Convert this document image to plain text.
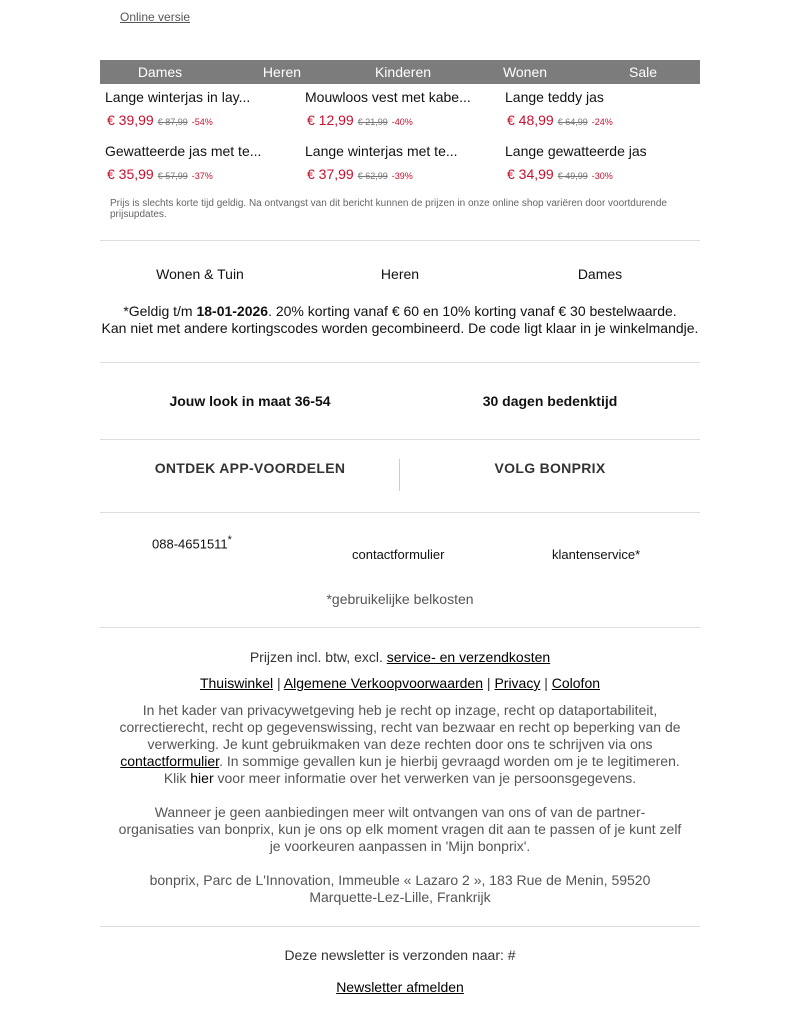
Online versie
Dames	Heren	Kinderen	Wonen	Sale
Lange winterjas in lay...
€ 39,99 € 87,99 -54%
Mouwloos vest met kabe...
€ 12,99 € 21,99 -40%
Lange teddy jas
€ 48,99 € 64,99 -24%
Gewatteerde jas met te...
€ 35,99 € 57,99 -37%
Lange winterjas met te...
€ 37,99 € 62,99 -39%
Lange gewatteerde jas
€ 34,99 € 49,99 -30%
Prijs is slechts korte tijd geldig. Na ontvangst van dit bericht kunnen de prijzen in onze online shop variëren door voortdurende prijsupdates.
Wonen & Tuin	Heren	Dames
*Geldig t/m 18-01-2026. 20% korting vanaf € 60 en 10% korting vanaf € 30 bestelwaarde.
Kan niet met andere kortingscodes worden gecombineerd. De code ligt klaar in je winkelmandje.
Jouw look in maat 36-54	30 dagen bedenktijd
ONTDEK APP-VOORDELEN	VOLG BONPRIX
088-4651511*
contactformulier	klantenservice*
*gebruikelijke belkosten
Prijzen incl. btw, excl. service- en verzendkosten
Thuiswinkel | Algemene Verkoopvoorwaarden | Privacy | Colofon
In het kader van privacywetgeving heb je recht op inzage, recht op dataportabiliteit,
correctierecht, recht op gegevenswissing, recht van bezwaar en recht op beperking van de
verwerking. Je kunt gebruikmaken van deze rechten door ons te schrijven via ons
contactformulier. In sommige gevallen kun je hierbij gevraagd worden om je te legitimeren.
Klik hier voor meer informatie over het verwerken van je persoonsgegevens.
Wanneer je geen aanbiedingen meer wilt ontvangen van ons of van de partner-
organisaties van bonprix, kun je ons op elk moment vragen dit aan te passen of je kunt zelf
je voorkeuren aanpassen in 'Mijn bonprix'.
bonprix, Parc de L'Innovation, Immeuble « Lazaro 2 », 183 Rue de Menin, 59520
Marquette-Lez-Lille, Frankrijk
Deze newsletter is verzonden naar: #
Newsletter afmelden
